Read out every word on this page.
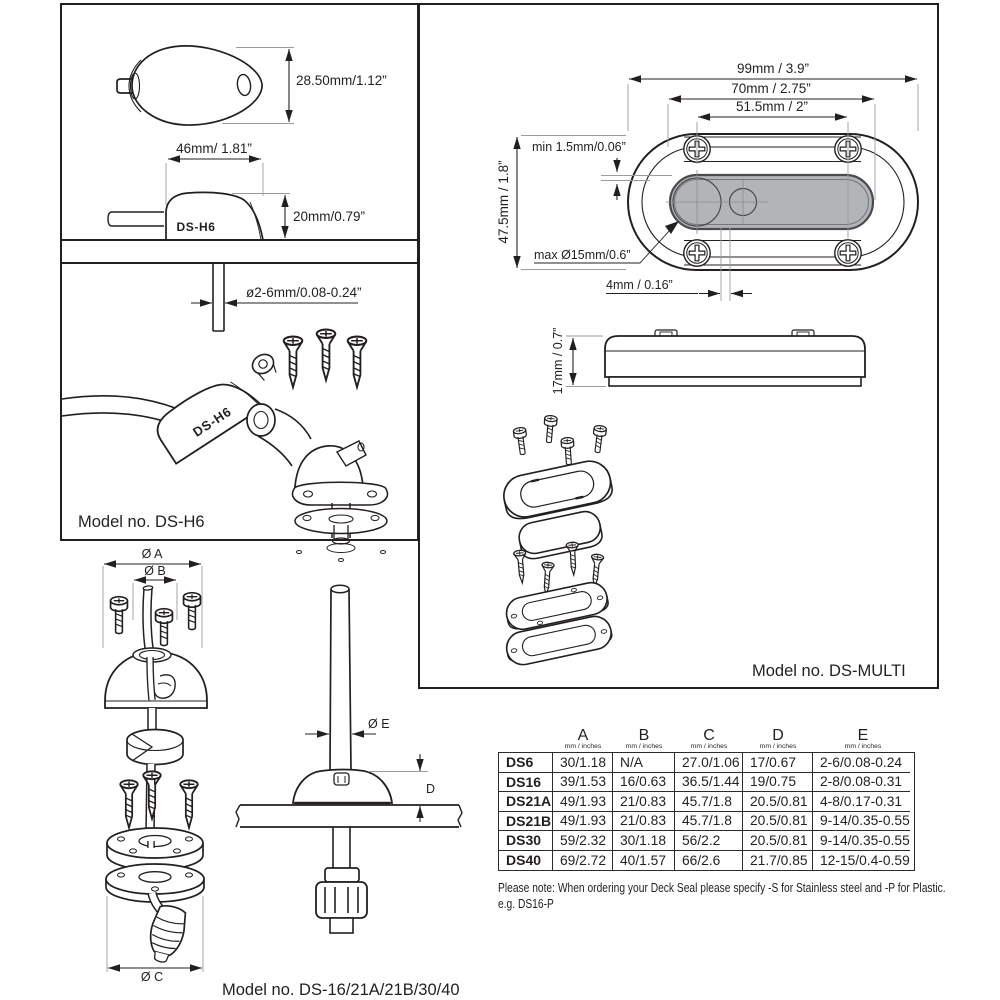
28.50mm/1.12”
DS-H6
46mm/ 1.81”
20mm/0.79”
ø2-6mm/0.08-0.24”
DS-H6
Model no. DS-H6
99mm / 3.9”
70mm / 2.75”
51.5mm / 2”
47.5mm / 1.8”
min 1.5mm/0.06”
max Ø15mm/0.6”
4mm / 0.16”
17mm / 0.7”
Model no. DS-MULTI
Ø A
Ø B
Ø C
Ø E
D
Model no. DS-16/21A/21B/30/40
A
mm / inches
B
mm / inches
C
mm / inches
D
mm / inches
E
mm / inches
DS6	30/1.18	N/A	27.0/1.06 17/0.67	2-6/0.08-0.24
DS16	39/1.53	16/0.63	36.5/1.44 19/0.75	2-8/0.08-0.31
DS21A 49/1.93	21/0.83	45.7/1.8	20.5/0.81 4-8/0.17-0.31
DS21B 49/1.93	21/0.83	45.7/1.8	20.5/0.81 9-14/0.35-0.55
DS30	59/2.32	30/1.18	56/2.2	20.5/0.81 9-14/0.35-0.55
DS40	69/2.72	40/1.57	66/2.6	21.7/0.85 12-15/0.4-0.59
Please note: When ordering your Deck Seal please specify -S for Stainless steel and -P for Plastic.
e.g. DS16-P
